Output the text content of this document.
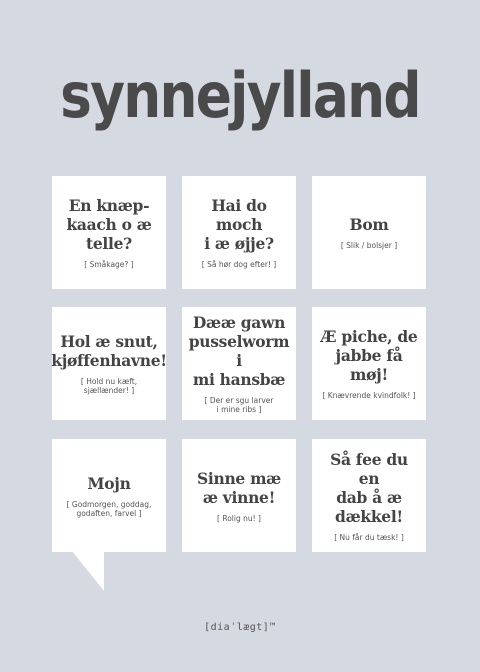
synnejylland
En knæp-
kaach o æ
telle?
[ Småkage? ]
Hai do moch
i æ øjje?
[ Så hør dog efter! ]
Bom
[ Slik / bolsjer ]
Hol æ snut,
kjøffenhavne!
[ Hold nu kæft,
sjællænder! ]
Dææ gawn
pusselworm i
mi hansbæ
[ Der er sgu larver
i mine ribs ]
Æ piche, de
jabbe få møj!
[ Knævrende kvindfolk! ]
Mojn
[ Godmorgen, goddag,
godaften, farvel ]
Sinne mæ
æ vinne!
[ Rolig nu! ]
Så fee du en
dab å æ
dækkel!
[ Nu får du tæsk! ]
[diaˈlægt]™
